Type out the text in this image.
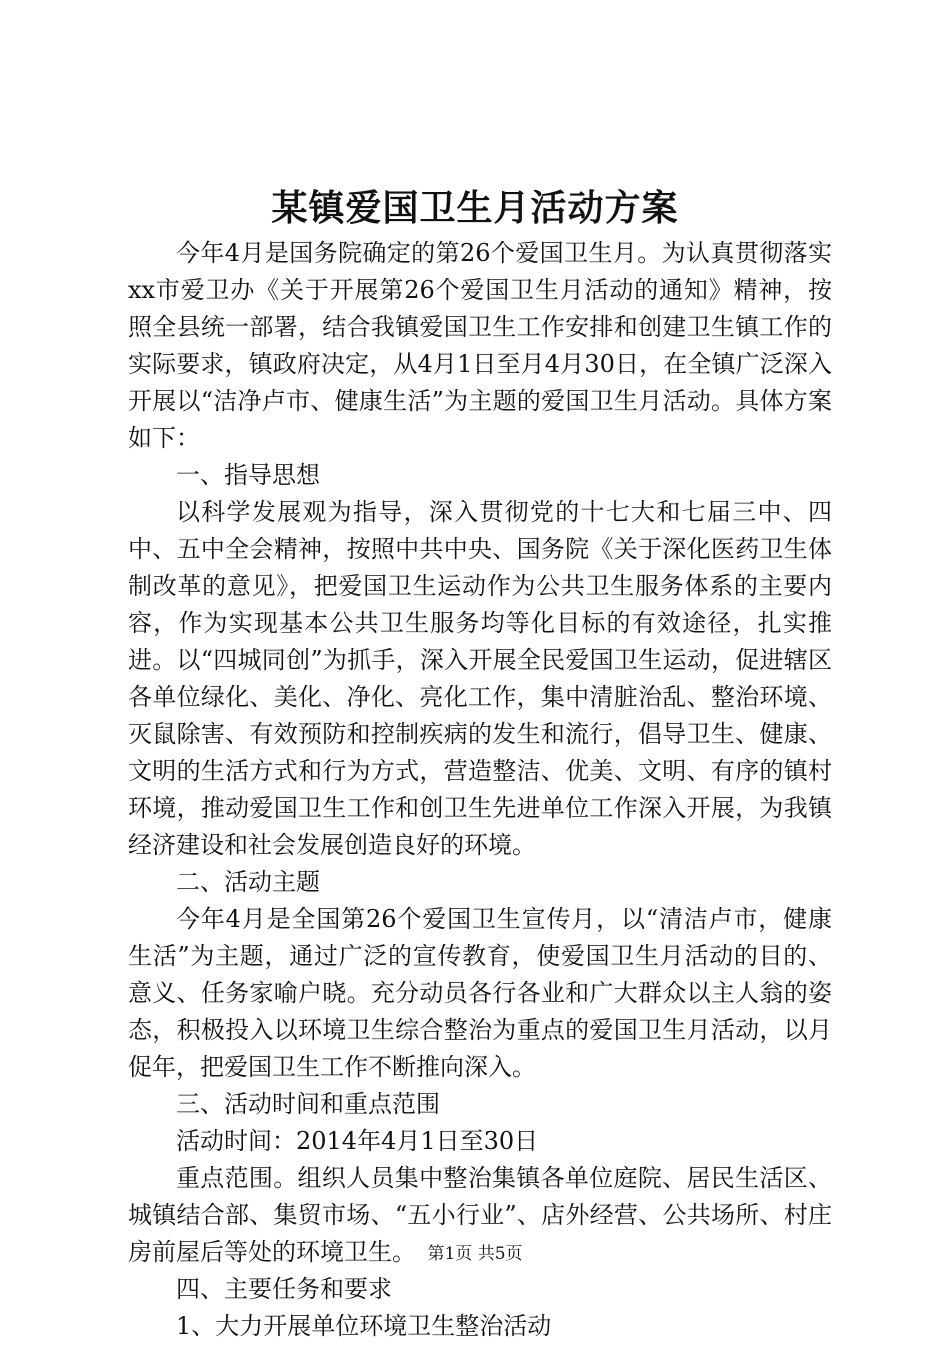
某镇爱国卫生月活动方案

今年4月是国务院确定的第26个爱国卫生月。为认真贯彻落实xx市爱卫办《关于开展第26个爱国卫生月活动的通知》精神，按照全县统一部署，结合我镇爱国卫生工作安排和创建卫生镇工作的实际要求，镇政府决定，从4月1日至月4月30日，在全镇广泛深入开展以“洁净卢市、健康生活”为主题的爱国卫生月活动。具体方案如下：

一、指导思想

以科学发展观为指导，深入贯彻党的十七大和七届三中、四中、五中全会精神，按照中共中央、国务院《关于深化医药卫生体制改革的意见》，把爱国卫生运动作为公共卫生服务体系的主要内容，作为实现基本公共卫生服务均等化目标的有效途径，扎实推进。以“四城同创”为抓手，深入开展全民爱国卫生运动，促进辖区各单位绿化、美化、净化、亮化工作，集中清脏治乱、整治环境、灭鼠除害、有效预防和控制疾病的发生和流行，倡导卫生、健康、文明的生活方式和行为方式，营造整洁、优美、文明、有序的镇村环境，推动爱国卫生工作和创卫生先进单位工作深入开展，为我镇经济建设和社会发展创造良好的环境。

二、活动主题

今年4月是全国第26个爱国卫生宣传月，以“清洁卢市，健康生活”为主题，通过广泛的宣传教育，使爱国卫生月活动的目的、意义、任务家喻户晓。充分动员各行各业和广大群众以主人翁的姿态，积极投入以环境卫生综合整治为重点的爱国卫生月活动，以月促年，把爱国卫生工作不断推向深入。

三、活动时间和重点范围

活动时间：2014年4月1日至30日

重点范围。组织人员集中整治集镇各单位庭院、居民生活区、城镇结合部、集贸市场、“五小行业”、店外经营、公共场所、村庄房前屋后等处的环境卫生。

四、主要任务和要求

1、大力开展单位环境卫生整治活动

第1页 共5页
